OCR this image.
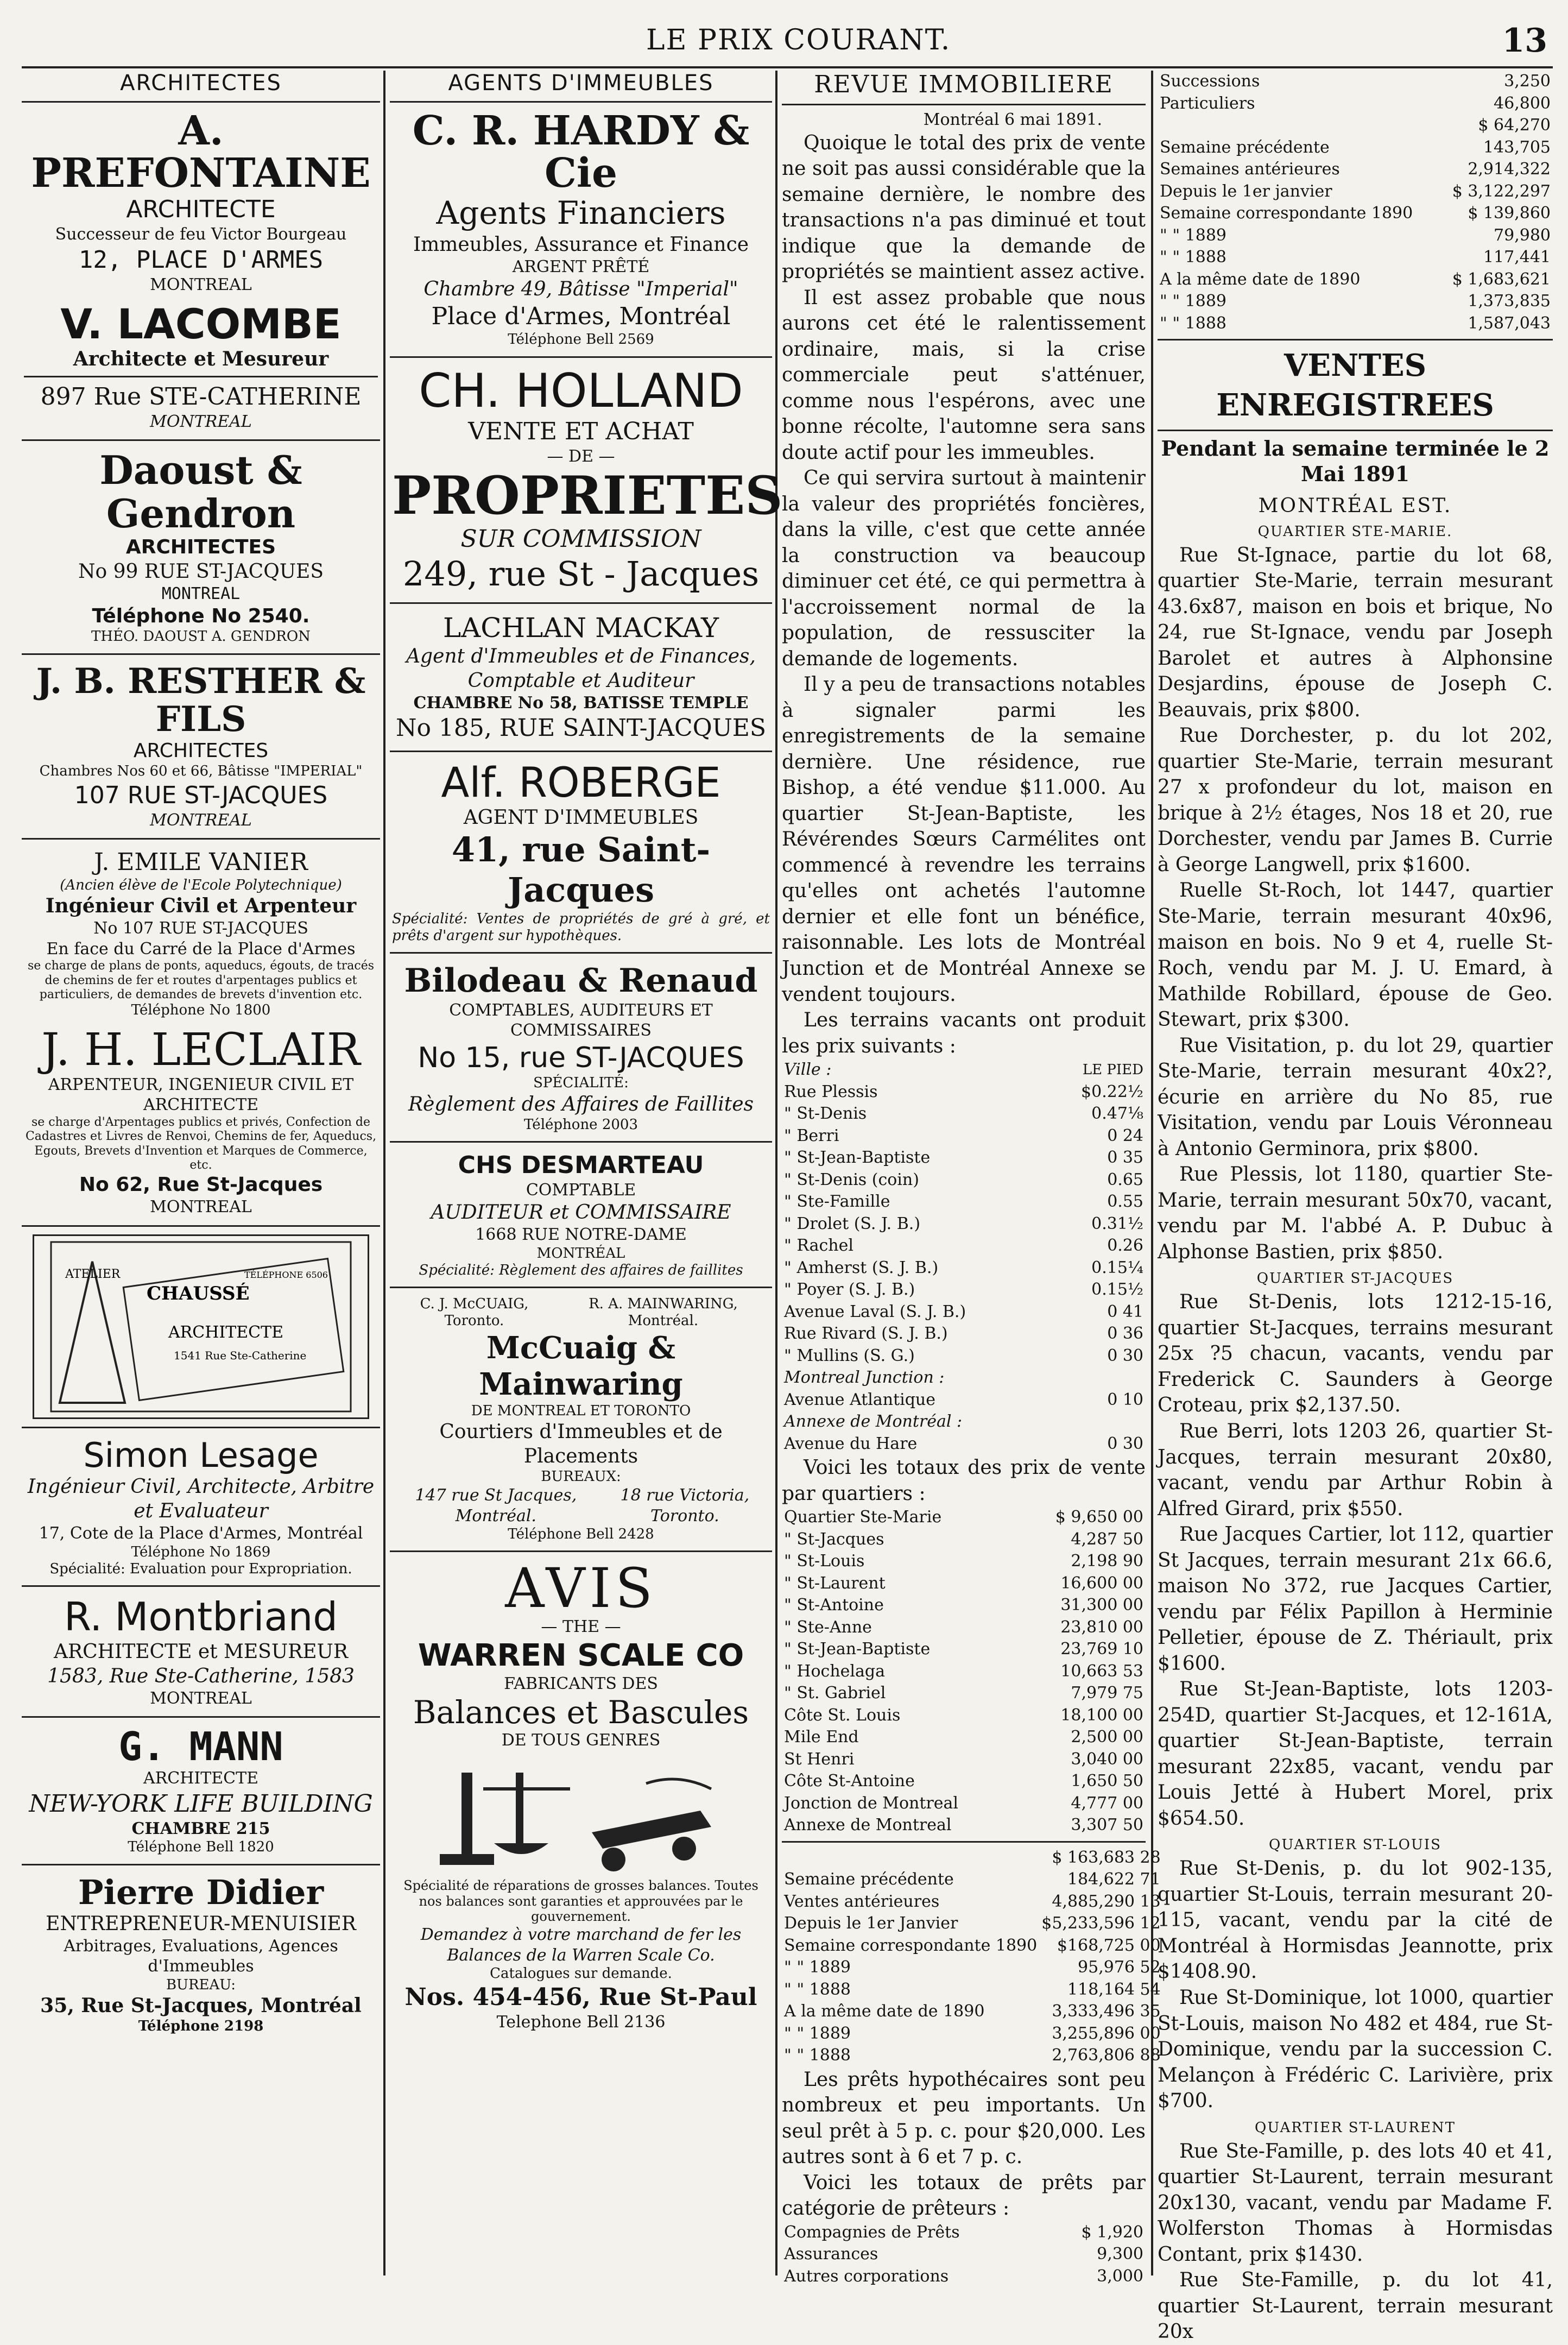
LE PRIX COURANT.	13
ARCHITECTES
A. PREFONTAINE
ARCHITECTE
Successeur de feu Victor Bourgeau
12, PLACE D'ARMES
MONTREAL
V. LACOMBE
Architecte et Mesureur
897 Rue STE-CATHERINE
MONTREAL
Daoust & Gendron
ARCHITECTES
No 99 RUE ST-JACQUES
MONTREAL
Téléphone No 2540.
THÉO. DAOUST A. GENDRON
J. B. RESTHER & FILS
ARCHITECTES
Chambres Nos 60 et 66, Bâtisse "IMPERIAL"
107 RUE ST-JACQUES
MONTREAL
J. EMILE VANIER
(Ancien élève de l'Ecole Polytechnique)
Ingénieur Civil et Arpenteur
No 107 RUE ST-JACQUES
En face du Carré de la Place d'Armes
se charge de plans de ponts, aqueducs, égouts, de tracés de chemins de fer et routes d'arpentages publics et particuliers, de demandes de brevets d'invention etc.
Téléphone No 1800
J. H. LECLAIR
ARPENTEUR, INGENIEUR CIVIL ET ARCHITECTE
se charge d'Arpentages publics et privés, Confection de Cadastres et Livres de Renvoi, Chemins de fer, Aqueducs, Egouts, Brevets d'Invention et Marques de Commerce, etc.
No 62, Rue St-Jacques
MONTREAL
CHAUSSÉ
ARCHITECTE
1541 Rue Ste-Catherine
ATELIER	TÉLÉPHONE 6506
Simon Lesage
Ingénieur Civil, Architecte, Arbitre et Evaluateur
17, Cote de la Place d'Armes, Montréal
Téléphone No 1869
Spécialité: Evaluation pour Expropriation.
R. Montbriand
ARCHITECTE et MESUREUR
1583, Rue Ste-Catherine, 1583
MONTREAL
G. MANN
ARCHITECTE
NEW-YORK LIFE BUILDING
CHAMBRE 215
Téléphone Bell 1820
Pierre Didier
ENTREPRENEUR-MENUISIER
Arbitrages, Evaluations, Agences d'Immeubles
BUREAU:
35, Rue St-Jacques, Montréal
Téléphone 2198
AGENTS D'IMMEUBLES
C. R. HARDY & Cie
Agents Financiers
Immeubles, Assurance et Finance
ARGENT PRÊTÉ
Chambre 49, Bâtisse "Imperial"
Place d'Armes, Montréal
Téléphone Bell 2569
CH. HOLLAND
VENTE ET ACHAT
— DE —
PROPRIETES
SUR COMMISSION
249, rue St - Jacques
LACHLAN MACKAY
Agent d'Immeubles et de Finances, Comptable et Auditeur
CHAMBRE No 58, BATISSE TEMPLE
No 185, RUE SAINT-JACQUES
Alf. ROBERGE
AGENT D'IMMEUBLES
41, rue Saint-Jacques
Spécialité: Ventes de propriétés de gré à gré, et prêts d'argent sur hypothèques.
Bilodeau & Renaud
COMPTABLES, AUDITEURS ET COMMISSAIRES
No 15, rue ST-JACQUES
SPÉCIALITÉ:
Règlement des Affaires de Faillites
Téléphone 2003
CHS DESMARTEAU
COMPTABLE
AUDITEUR et COMMISSAIRE
1668 RUE NOTRE-DAME
MONTRÉAL
Spécialité: Règlement des affaires de faillites
C. J. McCUAIG, Toronto.
R. A. MAINWARING, Montréal.
McCuaig & Mainwaring
DE MONTREAL ET TORONTO
Courtiers d'Immeubles et de Placements
BUREAUX:
147 rue St Jacques, Montréal.
18 rue Victoria, Toronto.
Téléphone Bell 2428
AVIS
— THE —
WARREN SCALE CO
FABRICANTS DES
Balances et Bascules
DE TOUS GENRES
Spécialité de réparations de grosses balances. Toutes nos balances sont garanties et approuvées par le gouvernement.
Demandez à votre marchand de fer les Balances de la Warren Scale Co.
Catalogues sur demande.
Nos. 454-456, Rue St-Paul
Telephone Bell 2136
REVUE IMMOBILIERE
Montréal 6 mai 1891.
Quoique le total des prix de vente ne soit pas aussi considérable que la semaine dernière, le nombre des transactions n'a pas diminué et tout indique que la demande de propriétés se maintient assez active.
Il est assez probable que nous aurons cet été le ralentissement ordinaire, mais, si la crise commerciale peut s'atténuer, comme nous l'espérons, avec une bonne récolte, l'automne sera sans doute actif pour les immeubles.
Ce qui servira surtout à maintenir la valeur des propriétés foncières, dans la ville, c'est que cette année la construction va beaucoup diminuer cet été, ce qui permettra à l'accroissement normal de la population, de ressusciter la demande de logements.
Il y a peu de transactions notables à signaler parmi les enregistrements de la semaine dernière. Une résidence, rue Bishop, a été vendue $11.000. Au quartier St-Jean-Baptiste, les Révérendes Sœurs Carmélites ont commencé à revendre les terrains qu'elles ont achetés l'automne dernier et elle font un bénéfice, raisonnable. Les lots de Montréal Junction et de Montréal Annexe se vendent toujours.
Les terrains vacants ont produit les prix suivants :
Ville :	LE PIED
Rue Plessis	$0.22½
" St-Denis	0.47⅛
" Berri	0 24
" St-Jean-Baptiste	0 35
" St-Denis (coin)	0.65
" Ste-Famille	0.55
" Drolet (S. J. B.)	0.31½
" Rachel	0.26
" Amherst (S. J. B.)	0.15¼
" Poyer (S. J. B.)	0.15½
Avenue Laval (S. J. B.)	0 41
Rue Rivard (S. J. B.)	0 36
" Mullins (S. G.)	0 30
Montreal Junction :	
Avenue Atlantique	0 10
Annexe de Montréal :	
Avenue du Hare	0 30
Voici les totaux des prix de vente par quartiers :
Quartier Ste-Marie	$ 9,650 00
" St-Jacques	4,287 50
" St-Louis	2,198 90
" St-Laurent	16,600 00
" St-Antoine	31,300 00
" Ste-Anne	23,810 00
" St-Jean-Baptiste	23,769 10
" Hochelaga	10,663 53
" St. Gabriel	7,979 75
Côte St. Louis	18,100 00
Mile End	2,500 00
St Henri	3,040 00
Côte St-Antoine	1,650 50
Jonction de Montreal	4,777 00
Annexe de Montreal	3,307 50
	$ 163,683 28
Semaine précédente	184,622 71
Ventes antérieures	4,885,290 13
Depuis le 1er Janvier	$5,233,596 12
Semaine correspondante 1890	$168,725 00
" " 1889	95,976 52
" " 1888	118,164 54
A la même date de 1890	3,333,496 35
" " 1889	3,255,896 00
" " 1888	2,763,806 88
Les prêts hypothécaires sont peu nombreux et peu importants. Un seul prêt à 5 p. c. pour $20,000. Les autres sont à 6 et 7 p. c.
Voici les totaux de prêts par catégorie de prêteurs :
Compagnies de Prêts	$ 1,920
Assurances	9,300
Autres corporations	3,000
Successions	3,250
Particuliers	46,800
	$ 64,270
Semaine précédente	143,705
Semaines antérieures	2,914,322
Depuis le 1er janvier	$ 3,122,297
Semaine correspondante 1890	$ 139,860
" " 1889	79,980
" " 1888	117,441
A la même date de 1890	$ 1,683,621
" " 1889	1,373,835
" " 1888	1,587,043
VENTES ENREGISTREES
Pendant la semaine terminée le 2 Mai 1891
MONTRÉAL EST.
QUARTIER STE-MARIE.
Rue St-Ignace, partie du lot 68, quartier Ste-Marie, terrain mesurant 43.6x87, maison en bois et brique, No 24, rue St-Ignace, vendu par Joseph Barolet et autres à Alphonsine Desjardins, épouse de Joseph C. Beauvais, prix $800.
Rue Dorchester, p. du lot 202, quartier Ste-Marie, terrain mesurant 27 x profondeur du lot, maison en brique à 2½ étages, Nos 18 et 20, rue Dorchester, vendu par James B. Currie à George Langwell, prix $1600.
Ruelle St-Roch, lot 1447, quartier Ste-Marie, terrain mesurant 40x96, maison en bois. No 9 et 4, ruelle St-Roch, vendu par M. J. U. Emard, à Mathilde Robillard, épouse de Geo. Stewart, prix $300.
Rue Visitation, p. du lot 29, quartier Ste-Marie, terrain mesurant 40x2?, écurie en arrière du No 85, rue Visitation, vendu par Louis Véronneau à Antonio Germinora, prix $800.
Rue Plessis, lot 1180, quartier Ste-Marie, terrain mesurant 50x70, vacant, vendu par M. l'abbé A. P. Dubuc à Alphonse Bastien, prix $850.
QUARTIER ST-JACQUES
Rue St-Denis, lots 1212-15-16, quartier St-Jacques, terrains mesurant 25x ?5 chacun, vacants, vendu par Frederick C. Saunders à George Croteau, prix $2,137.50.
Rue Berri, lots 1203 26, quartier St-Jacques, terrain mesurant 20x80, vacant, vendu par Arthur Robin à Alfred Girard, prix $550.
Rue Jacques Cartier, lot 112, quartier St Jacques, terrain mesurant 21x 66.6, maison No 372, rue Jacques Cartier, vendu par Félix Papillon à Herminie Pelletier, épouse de Z. Thériault, prix $1600.
Rue St-Jean-Baptiste, lots 1203-254D, quartier St-Jacques, et 12-161A, quartier St-Jean-Baptiste, terrain mesurant 22x85, vacant, vendu par Louis Jetté à Hubert Morel, prix $654.50.
QUARTIER ST-LOUIS
Rue St-Denis, p. du lot 902-135, quartier St-Louis, terrain mesurant 20-115, vacant, vendu par la cité de Montréal à Hormisdas Jeannotte, prix $1408.90.
Rue St-Dominique, lot 1000, quartier St-Louis, maison No 482 et 484, rue St-Dominique, vendu par la succession C. Melançon à Frédéric C. Larivière, prix $700.
QUARTIER ST-LAURENT
Rue Ste-Famille, p. des lots 40 et 41, quartier St-Laurent, terrain mesurant 20x130, vacant, vendu par Madame F. Wolferston Thomas à Hormisdas Contant, prix $1430.
Rue Ste-Famille, p. du lot 41, quartier St-Laurent, terrain mesurant 20x
